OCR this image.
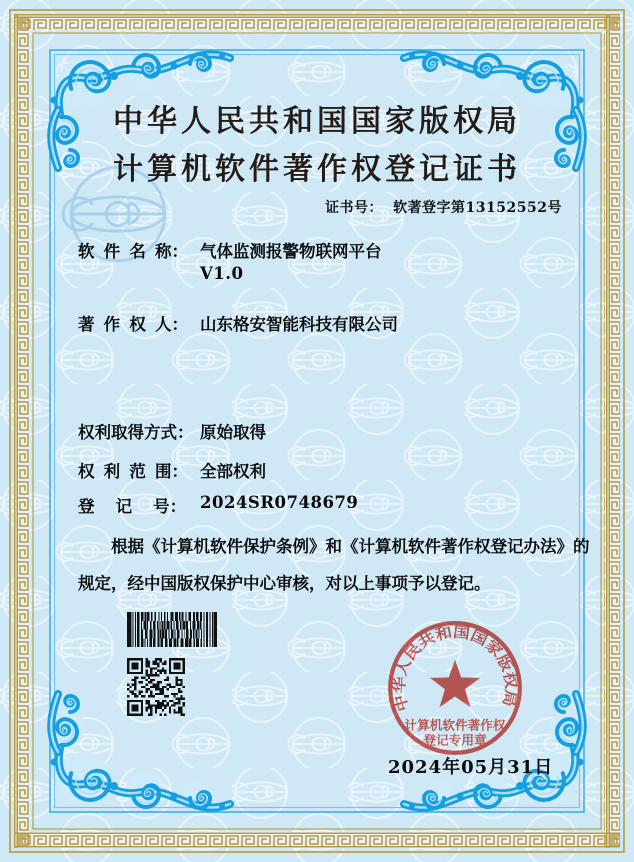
中华人民共和国国家版权局
计算机软件著作权登记证书
证书号： 软著登字第13152552号
软  件  名  称： 气体监测报警物联网平台
V1.0
著  作  权  人： 山东格安智能科技有限公司
权利取得方式： 原始取得
权  利  范  围： 全部权利
登　 记　 号： 2024SR0748679
根据《计算机软件保护条例》和《计算机软件著作权登记办法》的
规定，经中国版权保护中心审核，对以上事项予以登记。
2024年05月31日
中华人民共和国国家版权局
计算机软件著作权
登记专用章
